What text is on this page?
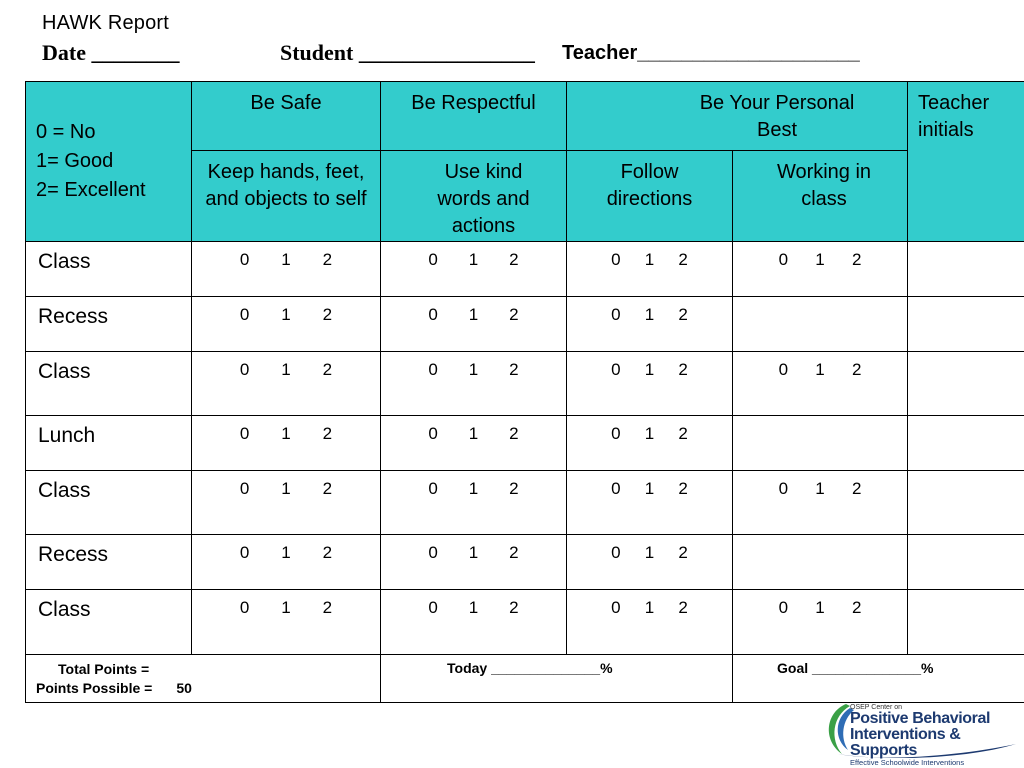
HAWK Report
Date ________	Student ________________ Teacher____________________
0 = No
1= Good
2= Excellent	Be Safe	Be Respectful	Be Your Personal Best		Teacher initials
	Keep hands, feet, and objects to self	Use kind words and actions	Follow directions	Working in class	
Class	0 1 2	0 1 2	0 1 2	0 1 2	

Recess	0 1 2	0 1 2	0 1 2		

Class	0 1 2	0 1 2	0 1 2	0 1 2	

Lunch	0 1 2	0 1 2	0 1 2		

Class	0 1 2	0 1 2	0 1 2	0 1 2	

Recess	0 1 2	0 1 2	0 1 2		

Class	0 1 2	0 1 2	0 1 2	0 1 2	

Total Points =
Points Possible = 50		Today ______________%		Goal ______________%	
OSEP Center on
Positive Behavioral
Interventions & Supports
Effective Schoolwide Interventions
